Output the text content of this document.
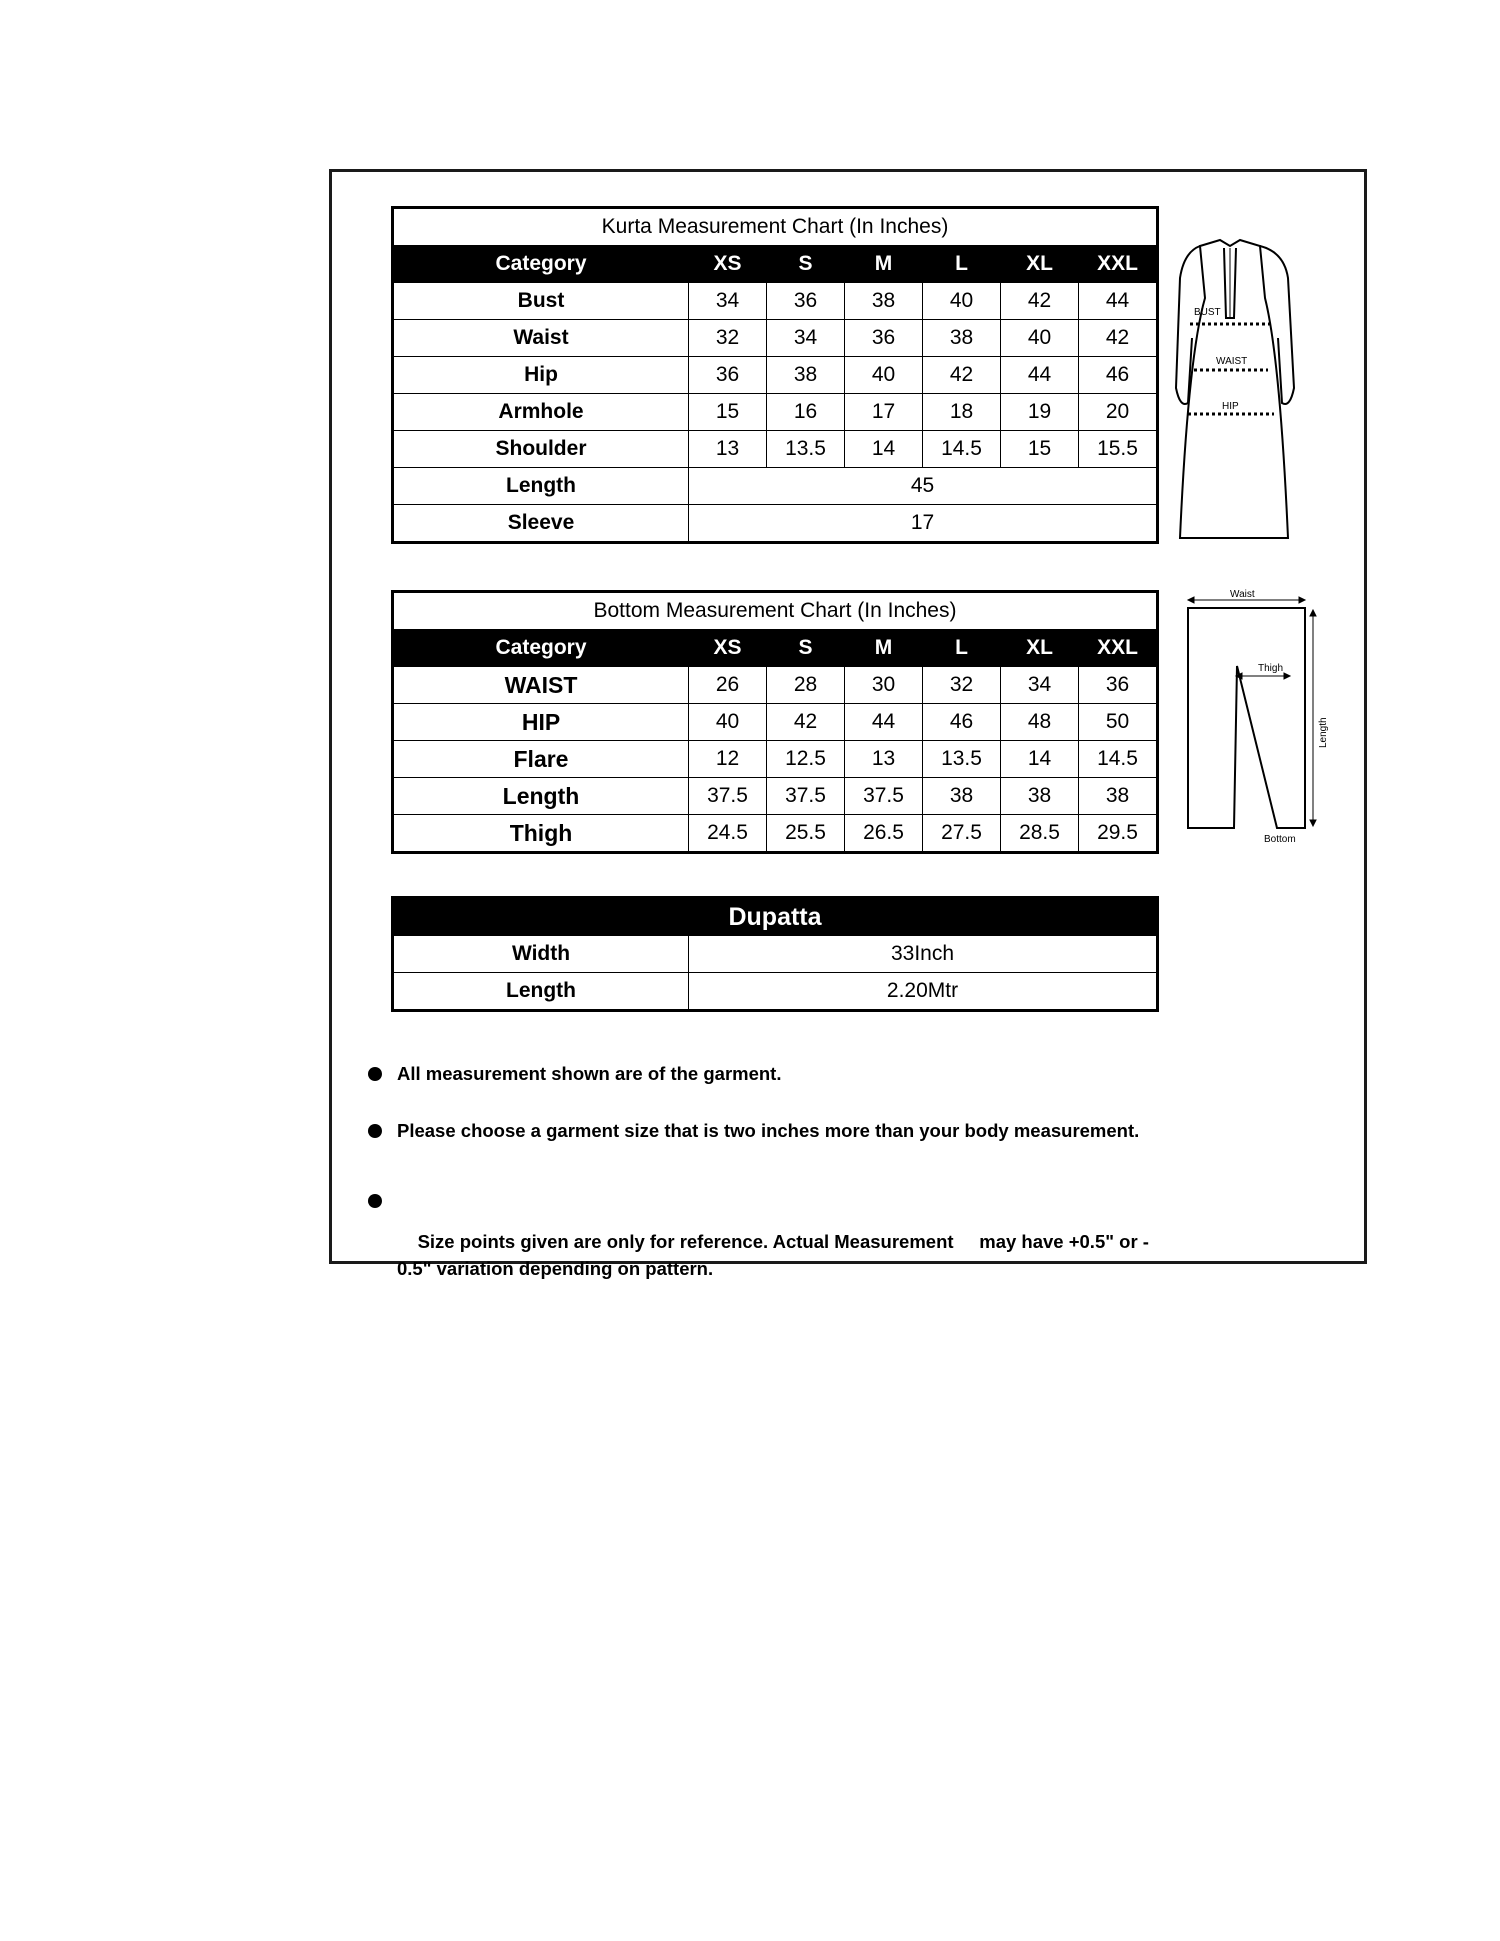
Kurta Measurement Chart (In Inches)						
Category	XS	S	M	L	XL	XXL
Bust	34	36	38	40	42	44
Waist	32	34	36	38	40	42
Hip	36	38	40	42	44	46
Armhole	15	16	17	18	19	20
Shoulder	13	13.5	14	14.5	15	15.5
Length	45					
Sleeve	17					
BUST
WAIST
HIP
Bottom Measurement Chart (In Inches)						
Category	XS	S	M	L	XL	XXL
WAIST	26	28	30	32	34	36
HIP	40	42	44	46	48	50
Flare	12	12.5	13	13.5	14	14.5
Length	37.5	37.5	37.5	38	38	38
Thigh	24.5	25.5	26.5	27.5	28.5	29.5
Waist
Thigh
Length
Bottom
Dupatta	
Width	33Inch
Length	2.20Mtr
All measurement shown are of the garment.
Please choose a garment size that is two inches more than your body measurement.

Size points given are only for reference. Actual Measurement     may have +0.5" or - 0.5" variation depending on pattern.
